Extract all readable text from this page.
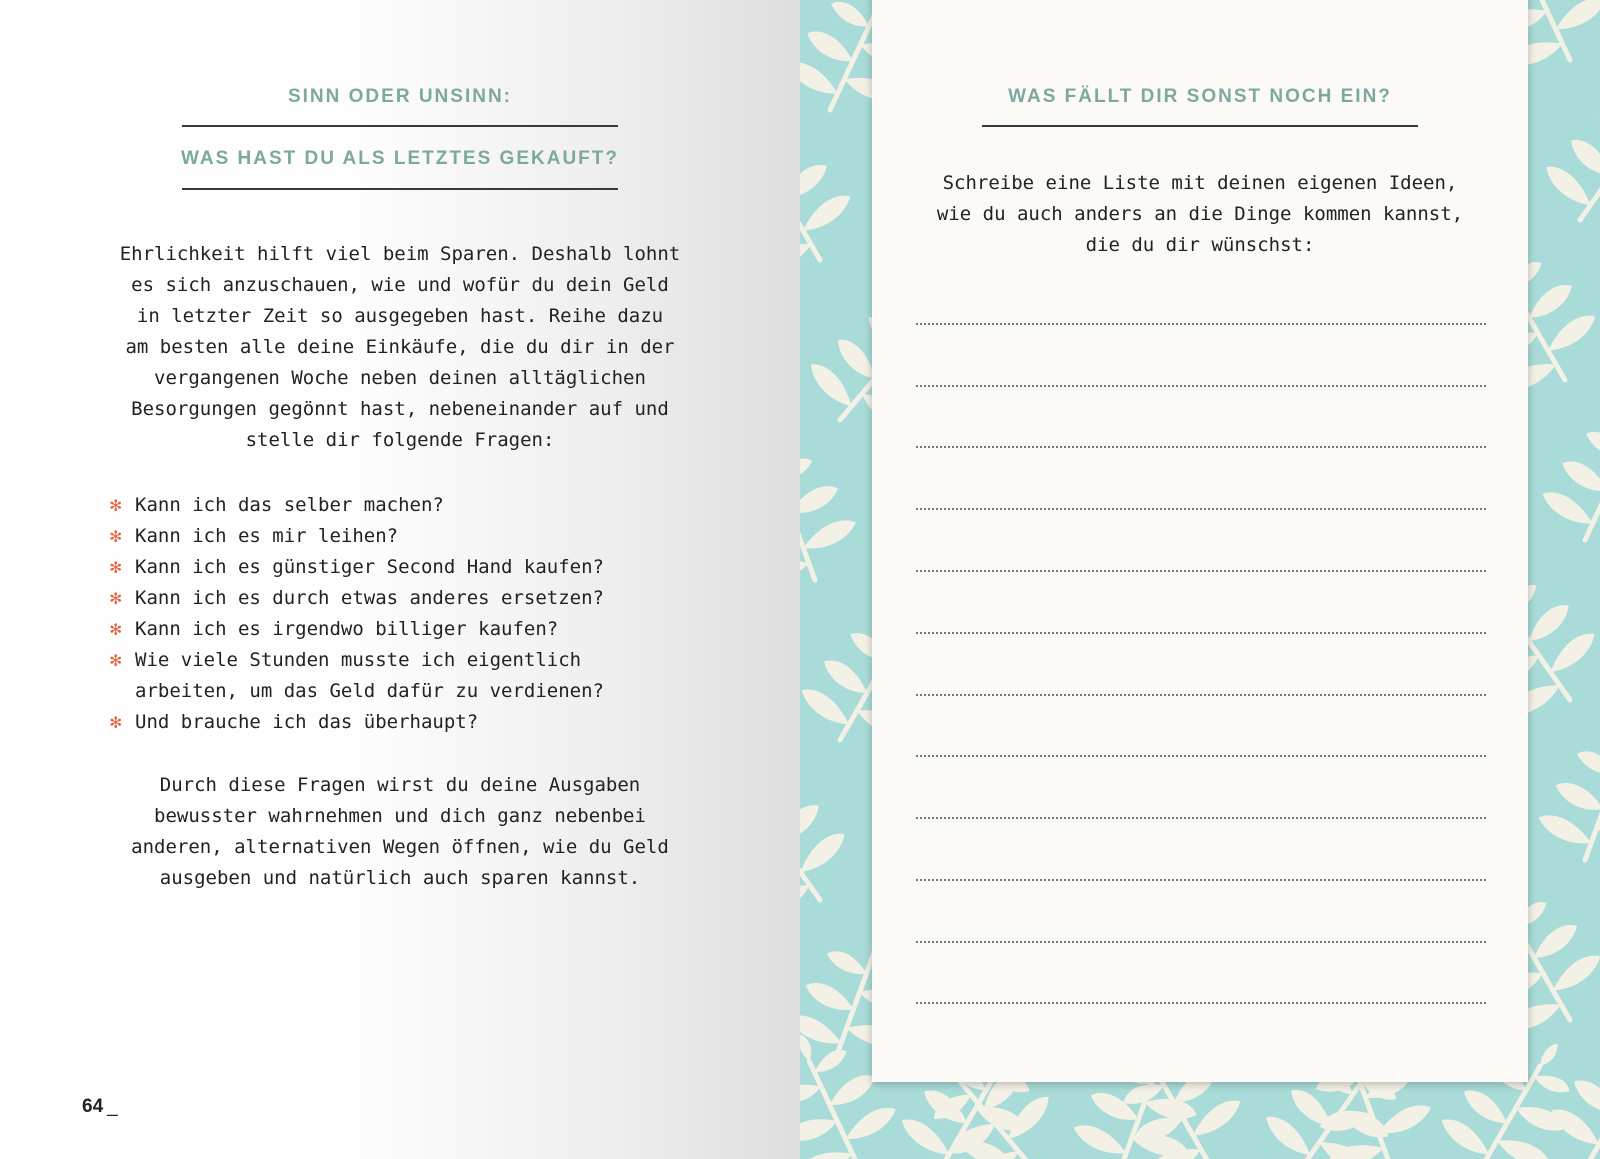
SINN ODER UNSINN:
WAS HAST DU ALS LETZTES GEKAUFT?

Ehrlichkeit hilft viel beim Sparen. Deshalb lohnt
es sich anzuschauen, wie und wofür du dein Geld
in letzter Zeit so ausgegeben hast. Reihe dazu
am besten alle deine Einkäufe, die du dir in der
vergangenen Woche neben deinen alltäglichen
Besorgungen gegönnt hast, nebeneinander auf und
stelle dir folgende Fragen:

✻ Kann ich das selber machen?
✻ Kann ich es mir leihen?
✻ Kann ich es günstiger Second Hand kaufen?
✻ Kann ich es durch etwas anderes ersetzen?
✻ Kann ich es irgendwo billiger kaufen?
✻ Wie viele Stunden musste ich eigentlich
arbeiten, um das Geld dafür zu verdienen?
✻ Und brauche ich das überhaupt?

Durch diese Fragen wirst du deine Ausgaben
bewusster wahrnehmen und dich ganz nebenbei
anderen, alternativen Wegen öffnen, wie du Geld
ausgeben und natürlich auch sparen kannst.

64 _
WAS FÄLLT DIR SONST NOCH EIN?

Schreibe eine Liste mit deinen eigenen Ideen,
wie du auch anders an die Dinge kommen kannst,
die du dir wünschst:
